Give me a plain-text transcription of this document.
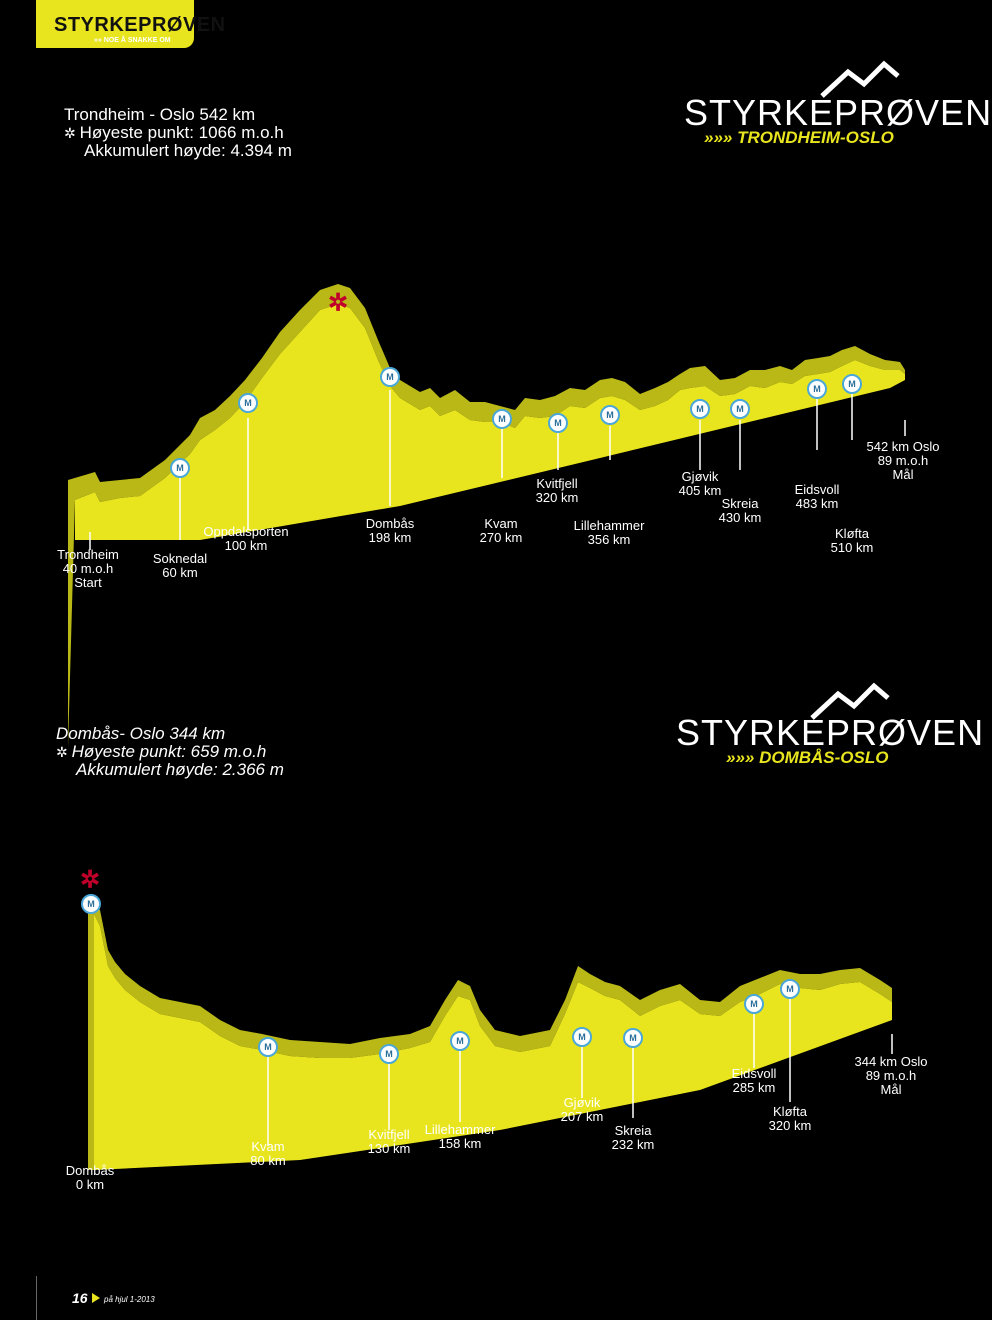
STYRKEPRØVEN
»» NOE Å SNAKKE OM
Trondheim - Oslo 542 km
✲ Høyeste punkt: 1066 m.o.h
Akkumulert høyde: 4.394 m
STYRKEPRØVEN
»»» TRONDHEIM-OSLO
✲
M
M
M
M	M
M
M	M
M	M
Trondheim
40 m.o.h
Start
Soknedal
60 km
Oppdalsporten
100 km
Dombås
198 km
Kvam
270 km
Kvitfjell
320 km
Lillehammer
356 km
Gjøvik
405 km
Skreia
430 km
Eidsvoll
483 km
Kløfta
510 km
542 km Oslo
89 m.o.h
Mål
Dombås- Oslo 344 km
✲ Høyeste punkt: 659 m.o.h
Akkumulert høyde: 2.366 m
STYRKEPRØVEN
»»» DOMBÅS-OSLO
✲
M
M
M
M	M	M
M
M
Dombås
0 km
Kvam
80 km
Kvitfjell
130 km
Lillehammer
158 km
Gjøvik
207 km
Skreia
232 km
Eidsvoll
285 km
Kløfta
320 km
344 km Oslo
89 m.o.h
Mål
16 på hjul 1-2013
